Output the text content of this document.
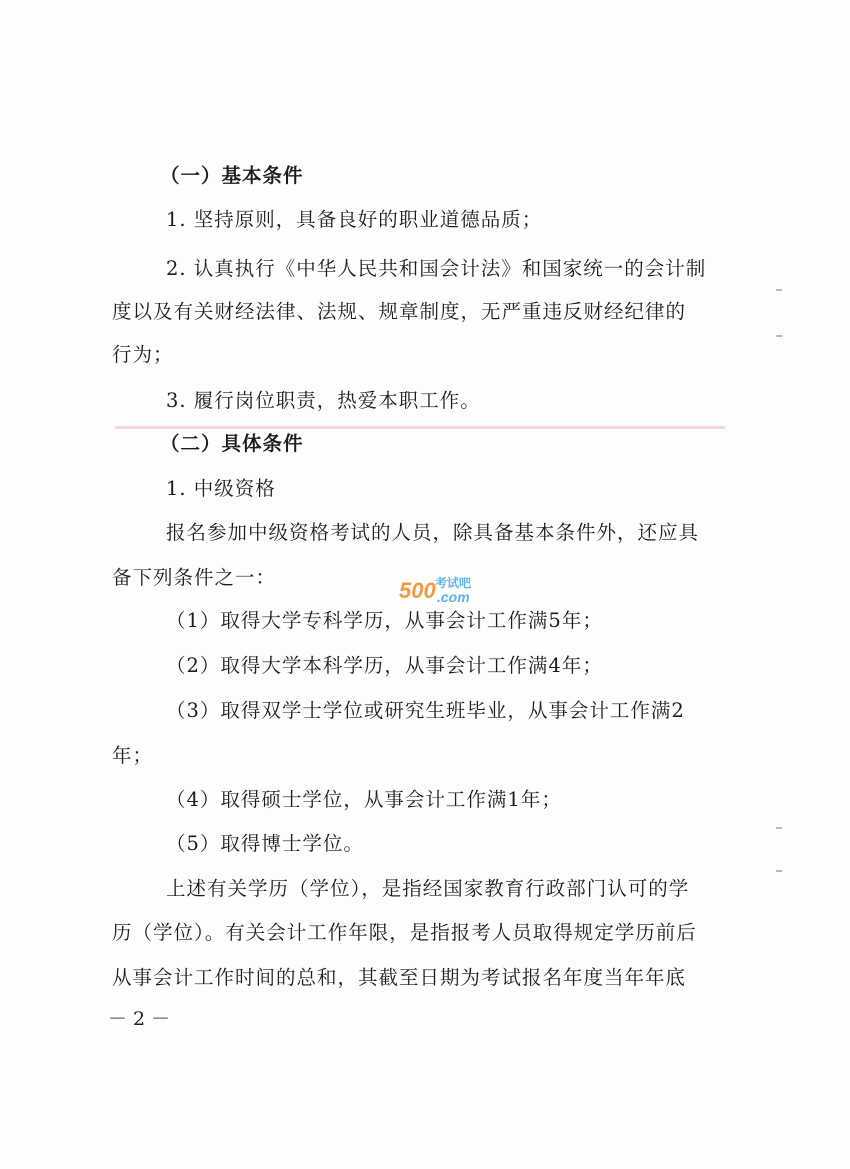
500 考试吧
.com
（一）基本条件
1. 坚持原则，具备良好的职业道德品质；
2. 认真执行《中华人民共和国会计法》和国家统一的会计制
度以及有关财经法律、法规、规章制度，无严重违反财经纪律的
行为；
3. 履行岗位职责，热爱本职工作。
（二）具体条件
1. 中级资格
报名参加中级资格考试的人员，除具备基本条件外，还应具
备下列条件之一：
（1）取得大学专科学历，从事会计工作满5年；
（2）取得大学本科学历，从事会计工作满4年；
（3）取得双学士学位或研究生班毕业，从事会计工作满2
年；
（4）取得硕士学位，从事会计工作满1年；
（5）取得博士学位。
上述有关学历（学位），是指经国家教育行政部门认可的学
历（学位）。有关会计工作年限，是指报考人员取得规定学历前后
从事会计工作时间的总和，其截至日期为考试报名年度当年年底
－ 2 －
